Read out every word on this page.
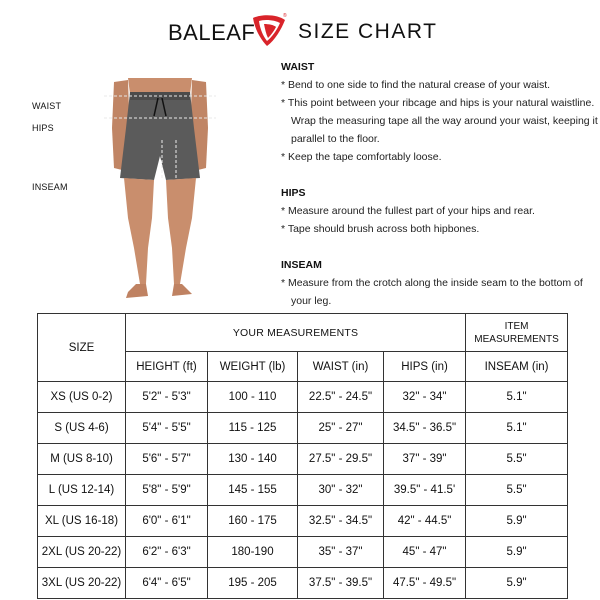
BALEAF
®
SIZE CHART
WAIST
HIPS
INSEAM
WAIST
* Bend to one side to find the natural crease of your waist.
* This point between your ribcage and hips is your natural waistline. Wrap the measuring tape all the way around your waist, keeping it parallel to the floor.
* Keep the tape comfortably loose.
HIPS
* Measure around the fullest part of your hips and rear.
* Tape should brush across both hipbones.
INSEAM
* Measure from the crotch along the inside seam to the bottom of your leg.
SIZE	YOUR MEASUREMENTS				ITEM MEASUREMENTS
	HEIGHT (ft)	WEIGHT (lb)	WAIST (in)	HIPS (in)	INSEAM (in)
XS (US 0-2)	5'2" - 5'3"	100 - 110	22.5" - 24.5"	32" - 34"	5.1"
S (US 4-6)	5'4" - 5'5"	115 - 125	25" - 27"	34.5" - 36.5"	5.1"
M (US 8-10)	5'6" - 5'7"	130 - 140	27.5" - 29.5"	37" - 39"	5.5"
L (US 12-14)	5'8" - 5'9"	145 - 155	30" - 32"	39.5" - 41.5'	5.5"
XL (US 16-18)	6'0" - 6'1"	160 - 175	32.5" - 34.5"	42" - 44.5"	5.9"
2XL (US 20-22)	6'2" - 6'3"	180-190	35" - 37"	45" - 47"	5.9"
3XL (US 20-22)	6'4" - 6'5"	195 - 205	37.5" - 39.5"	47.5" - 49.5"	5.9"
